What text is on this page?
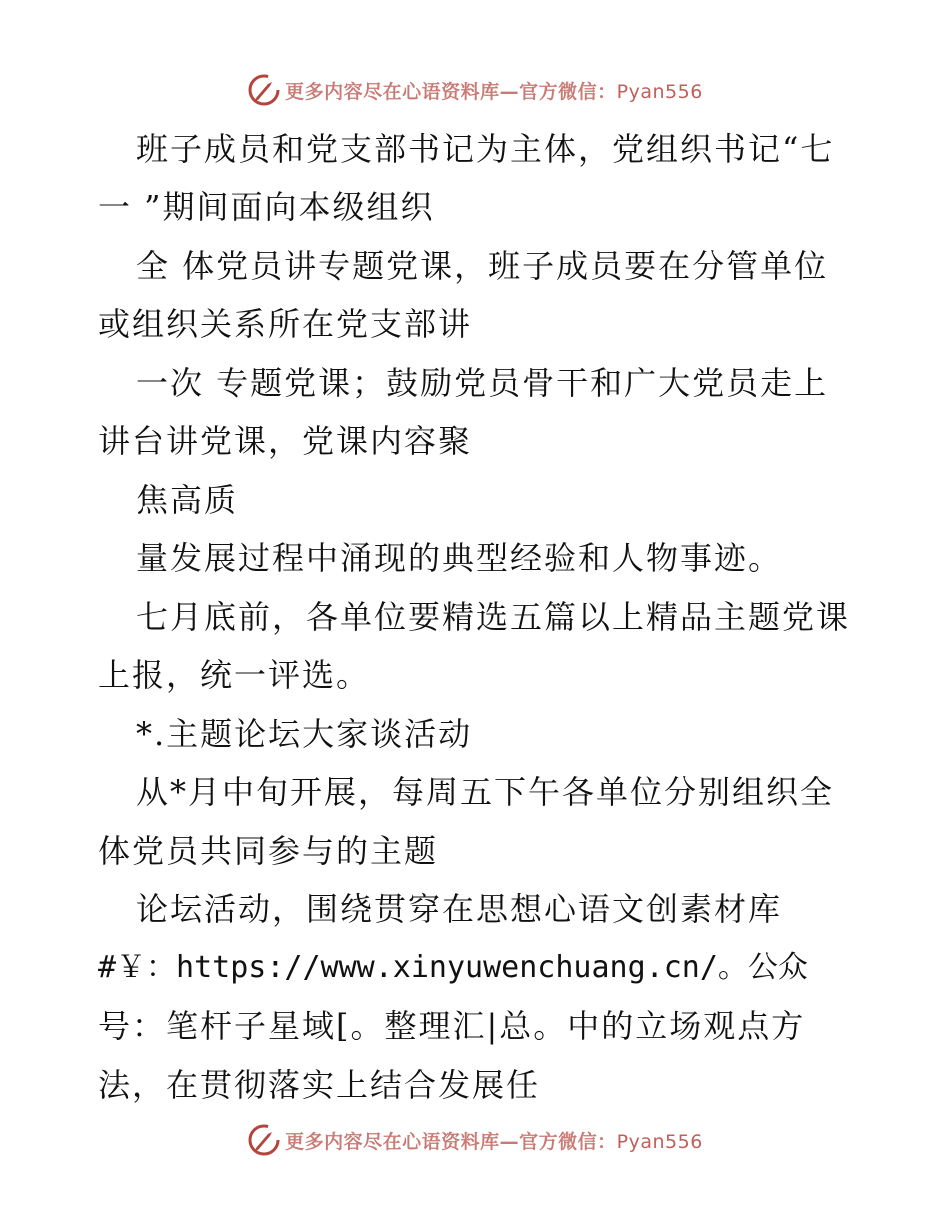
更多内容尽在心语资料库—官方微信：Pyan556
班子成员和党支部书记为主体，党组织书记“七
一 ”期间面向本级组织
全 体党员讲专题党课，班子成员要在分管单位
或组织关系所在党支部讲
一次 专题党课；鼓励党员骨干和广大党员走上
讲台讲党课，党课内容聚
焦高质
量发展过程中涌现的典型经验和人物事迹。
七月底前，各单位要精选五篇以上精品主题党课
上报，统一评选。
*.主题论坛大家谈活动
从*月中旬开展，每周五下午各单位分别组织全
体党员共同参与的主题
论坛活动，围绕贯穿在思想心语文创素材库
#￥：https://www.xinyuwenchuang.cn/。公众
号：笔杆子星域[。整理汇|总。中的立场观点方
法，在贯彻落实上结合发展任
更多内容尽在心语资料库—官方微信：Pyan556
